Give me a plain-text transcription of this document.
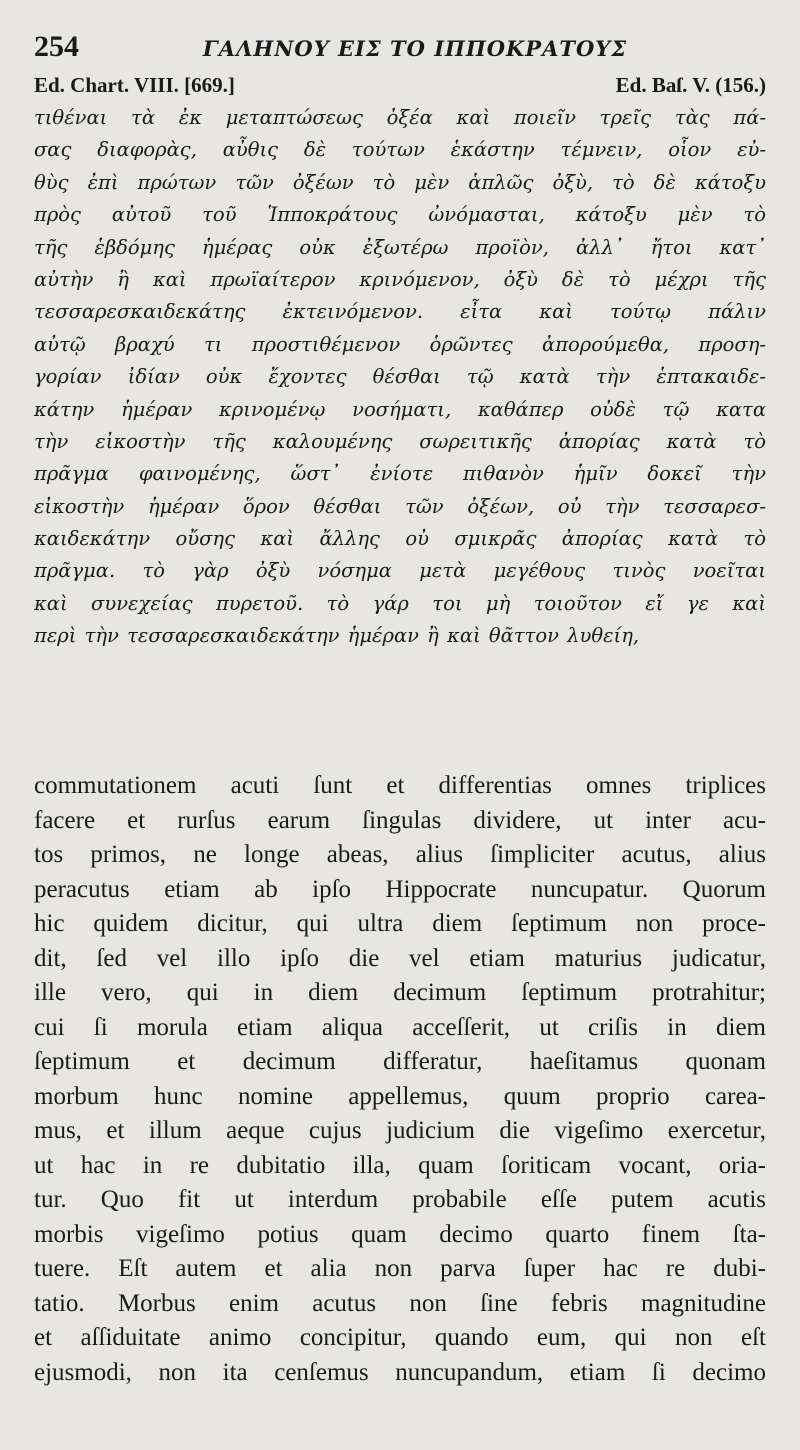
254	ΓΑΛΗΝΟΥ ΕΙΣ ΤΟ ΙΠΠΟΚΡΑΤΟΥΣ
Ed. Chart. VIII. [669.]	Ed. Baſ. V. (156.)
τιθέναι τὰ ἐκ μεταπτώσεως ὀξέα καὶ ποιεῖν τρεῖς τὰς πά-
σας διαφορὰς, αὖθις δὲ τούτων ἑκάστην τέμνειν, οἷον εὐ-
θὺς ἐπὶ πρώτων τῶν ὀξέων τὸ μὲν ἁπλῶς ὀξὺ, τὸ δὲ κάτοξυ
πρὸς αὐτοῦ τοῦ Ἱπποκράτους ὠνόμασται, κάτοξυ μὲν τὸ
τῆς ἑβδόμης ἡμέρας οὐκ ἐξωτέρω προϊὸν, ἀλλ᾿ ἤτοι κατ᾿
αὐτὴν ἢ καὶ πρωϊαίτερον κρινόμενον, ὀξὺ δὲ τὸ μέχρι τῆς
τεσσαρεσκαιδεκάτης ἐκτεινόμενον. εἶτα καὶ τούτῳ πάλιν
αὐτῷ βραχύ τι προστιθέμενον ὁρῶντες ἀπορούμεθα, προση-
γορίαν ἰδίαν οὐκ ἔχοντες θέσθαι τῷ κατὰ τὴν ἑπτακαιδε-
κάτην ἡμέραν κρινομένῳ νοσήματι, καθάπερ οὐδὲ τῷ κατα
τὴν εἰκοστὴν τῆς καλουμένης σωρειτικῆς ἀπορίας κατὰ τὸ
πρᾶγμα φαινομένης, ὥστ᾿ ἐνίοτε πιθανὸν ἡμῖν δοκεῖ τὴν
εἰκοστὴν ἡμέραν ὅρον θέσθαι τῶν ὀξέων, οὐ τὴν τεσσαρεσ-
καιδεκάτην οὔσης καὶ ἄλλης οὐ σμικρᾶς ἀπορίας κατὰ τὸ
πρᾶγμα. τὸ γὰρ ὀξὺ νόσημα μετὰ μεγέθους τινὸς νοεῖται
καὶ συνεχείας πυρετοῦ. τὸ γάρ τοι μὴ τοιοῦτον εἴ γε καὶ
περὶ τὴν τεσσαρεσκαιδεκάτην ἡμέραν ἢ καὶ θᾶττον λυθείη,
commutationem acuti ſunt et differentias omnes triplices
facere et rurſus earum ſingulas dividere, ut inter acu-
tos primos, ne longe abeas, alius ſimpliciter acutus, alius
peracutus etiam ab ipſo Hippocrate nuncupatur. Quorum
hic quidem dicitur, qui ultra diem ſeptimum non proce-
dit, ſed vel illo ipſo die vel etiam maturius judicatur,
ille vero, qui in diem decimum ſeptimum protrahitur;
cui ſi morula etiam aliqua acceſſerit, ut criſis in diem
ſeptimum et decimum differatur, haeſitamus quonam
morbum hunc nomine appellemus, quum proprio carea-
mus, et illum aeque cujus judicium die vigeſimo exercetur,
ut hac in re dubitatio illa, quam ſoriticam vocant, oria-
tur. Quo fit ut interdum probabile eſſe putem acutis
morbis vigeſimo potius quam decimo quarto finem ſta-
tuere. Eſt autem et alia non parva ſuper hac re dubi-
tatio. Morbus enim acutus non ſine febris magnitudine
et aſſiduitate animo concipitur, quando eum, qui non eſt
ejusmodi, non ita cenſemus nuncupandum, etiam ſi decimo
